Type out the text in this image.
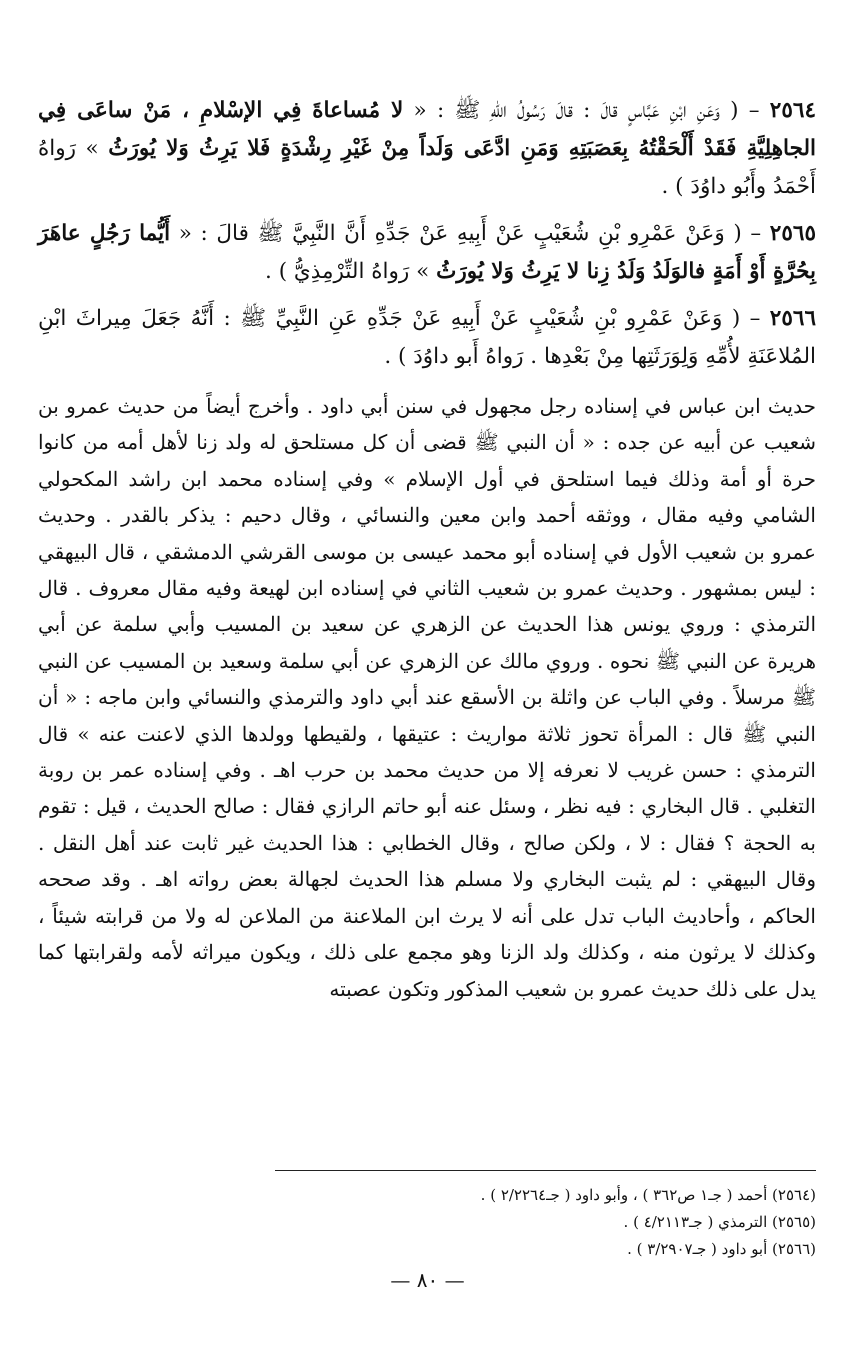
٢٥٦٤ – ( وَعَنِ ابْنِ عَبَّاسٍ قالَ : قالَ رَسُولُ اللهِ ﷺ : « لا مُساعاةَ فِي الإسْلامِ ، مَنْ ساعَى فِي الجاهِلِيَّةِ فَقَدْ أَلْحَقْتُهُ بِعَصَبَتِهِ وَمَنِ ادَّعَى وَلَداً مِنْ غَيْرِ رِشْدَةٍ فَلا يَرِثُ وَلا يُورَثُ » رَواهُ أَحْمَدُ وأَبُو داوُدَ ) .

٢٥٦٥ – ( وَعَنْ عَمْرِو بْنِ شُعَيْبٍ عَنْ أَبِيهِ عَنْ جَدِّهِ أَنَّ النَّبِيَّ ﷺ قالَ : « أَيُّما رَجُلٍ عاهَرَ بِحُرَّةٍ أَوْ أَمَةٍ فالوَلَدُ وَلَدُ زِنا لا يَرِثُ وَلا يُورَثُ » رَواهُ التِّرْمِذِيُّ ) .

٢٥٦٦ – ( وَعَنْ عَمْرِو بْنِ شُعَيْبٍ عَنْ أَبِيهِ عَنْ جَدِّهِ عَنِ النَّبِيِّ ﷺ : أَنَّهُ جَعَلَ مِيراثَ ابْنِ المُلاعَنَةِ لأُمِّهِ وَلِوَرَثَتِها مِنْ بَعْدِها . رَواهُ أَبو داوُدَ ) .

حديث ابن عباس في إسناده رجل مجهول في سنن أبي داود . وأخرج أيضاً من حديث عمرو بن شعيب عن أبيه عن جده : « أن النبي ﷺ قضى أن كل مستلحق له ولد زنا لأهل أمه من كانوا حرة أو أمة وذلك فيما استلحق في أول الإسلام » وفي إسناده محمد ابن راشد المكحولي الشامي وفيه مقال ، ووثقه أحمد وابن معين والنسائي ، وقال دحيم : يذكر بالقدر . وحديث عمرو بن شعيب الأول في إسناده أبو محمد عيسى بن موسى القرشي الدمشقي ، قال البيهقي : ليس بمشهور . وحديث عمرو بن شعيب الثاني في إسناده ابن لهيعة وفيه مقال معروف . قال الترمذي : وروي يونس هذا الحديث عن الزهري عن سعيد بن المسيب وأبي سلمة عن أبي هريرة عن النبي ﷺ نحوه . وروي مالك عن الزهري عن أبي سلمة وسعيد بن المسيب عن النبي ﷺ مرسلاً . وفي الباب عن واثلة بن الأسقع عند أبي داود والترمذي والنسائي وابن ماجه : « أن النبي ﷺ قال : المرأة تحوز ثلاثة مواريث : عتيقها ، ولقيطها وولدها الذي لاعنت عنه » قال الترمذي : حسن غريب لا نعرفه إلا من حديث محمد بن حرب اهـ . وفي إسناده عمر بن روبة التغلبي . قال البخاري : فيه نظر ، وسئل عنه أبو حاتم الرازي فقال : صالح الحديث ، قيل : تقوم به الحجة ؟ فقال : لا ، ولكن صالح ، وقال الخطابي : هذا الحديث غير ثابت عند أهل النقل . وقال البيهقي : لم يثبت البخاري ولا مسلم هذا الحديث لجهالة بعض رواته اهـ . وقد صححه الحاكم ، وأحاديث الباب تدل على أنه لا يرث ابن الملاعنة من الملاعن له ولا من قرابته شيئاً ، وكذلك لا يرثون منه ، وكذلك ولد الزنا وهو مجمع على ذلك ، ويكون ميراثه لأمه ولقرابتها كما يدل على ذلك حديث عمرو بن شعيب المذكور وتكون عصبته
(٢٥٦٤) أحمد ( جـ١ ص٣٦٢ ) ، وأبو داود ( جـ٢/٢٢٦٤ ) .
(٢٥٦٥) الترمذي ( جـ٤/٢١١٣ ) .
(٢٥٦٦) أبو داود ( جـ٣/٢٩٠٧ ) .
— ٨٠ —
